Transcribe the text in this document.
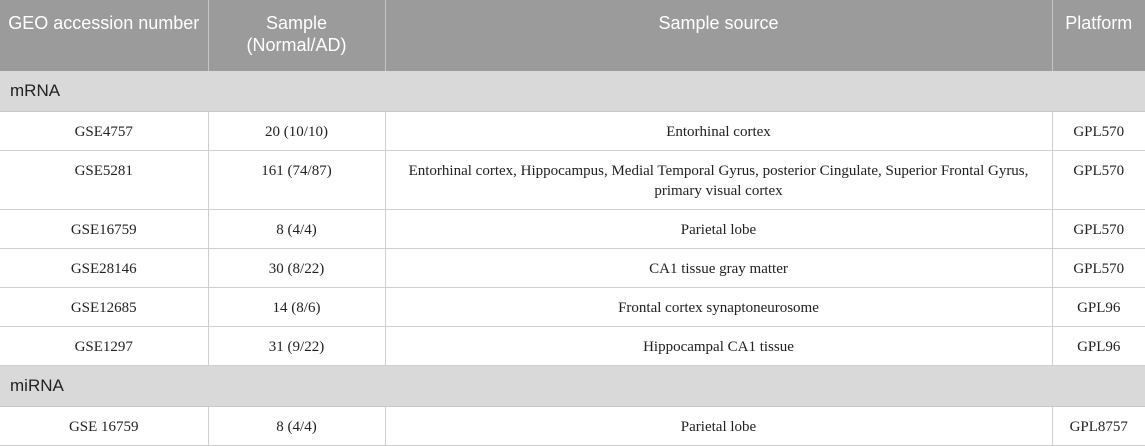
GEO accession number	Sample (Normal/AD)	Sample source	Platform
mRNA			
GSE4757	20 (10/10)	Entorhinal cortex	GPL570
GSE5281	161 (74/87)	Entorhinal cortex, Hippocampus, Medial Temporal Gyrus, posterior Cingulate, Superior Frontal Gyrus, primary visual cortex	GPL570
GSE16759	8 (4/4)	Parietal lobe	GPL570
GSE28146	30 (8/22)	CA1 tissue gray matter	GPL570
GSE12685	14 (8/6)	Frontal cortex synaptoneurosome	GPL96
GSE1297	31 (9/22)	Hippocampal CA1 tissue	GPL96
miRNA			
GSE 16759	8 (4/4)	Parietal lobe	GPL8757
